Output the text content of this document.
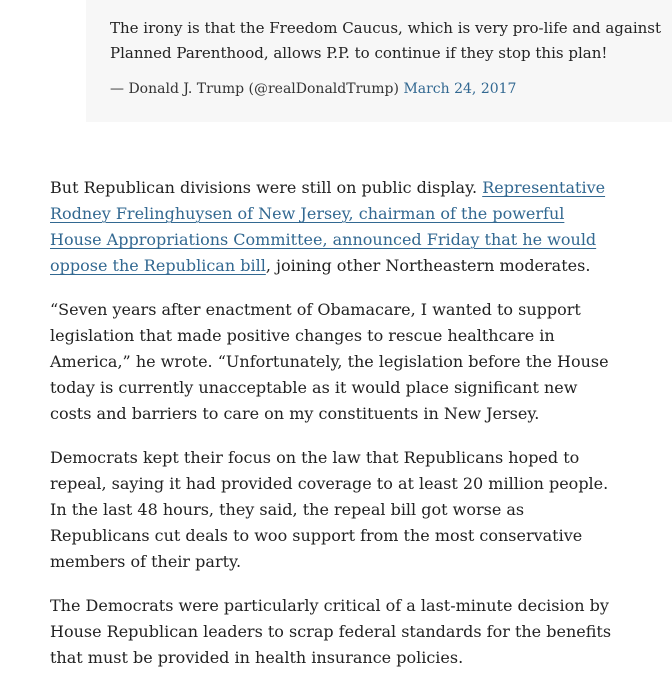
The irony is that the Freedom Caucus, which is very pro-life and against Planned Parenthood, allows P.P. to continue if they stop this plan!

— Donald J. Trump (@realDonaldTrump) March 24, 2017

But Republican divisions were still on public display. Representative Rodney Frelinghuysen of New Jersey, chairman of the powerful House Appropriations Committee, announced Friday that he would oppose the Republican bill, joining other Northeastern moderates.

“Seven years after enactment of Obamacare, I wanted to support legislation that made positive changes to rescue healthcare in America,” he wrote. “Unfortunately, the legislation before the House today is currently unacceptable as it would place significant new costs and barriers to care on my constituents in New Jersey.

Democrats kept their focus on the law that Republicans hoped to repeal, saying it had provided coverage to at least 20 million people. In the last 48 hours, they said, the repeal bill got worse as Republicans cut deals to woo support from the most conservative members of their party.

The Democrats were particularly critical of a last-minute decision by House Republican leaders to scrap federal standards for the benefits that must be provided in health insurance policies.
